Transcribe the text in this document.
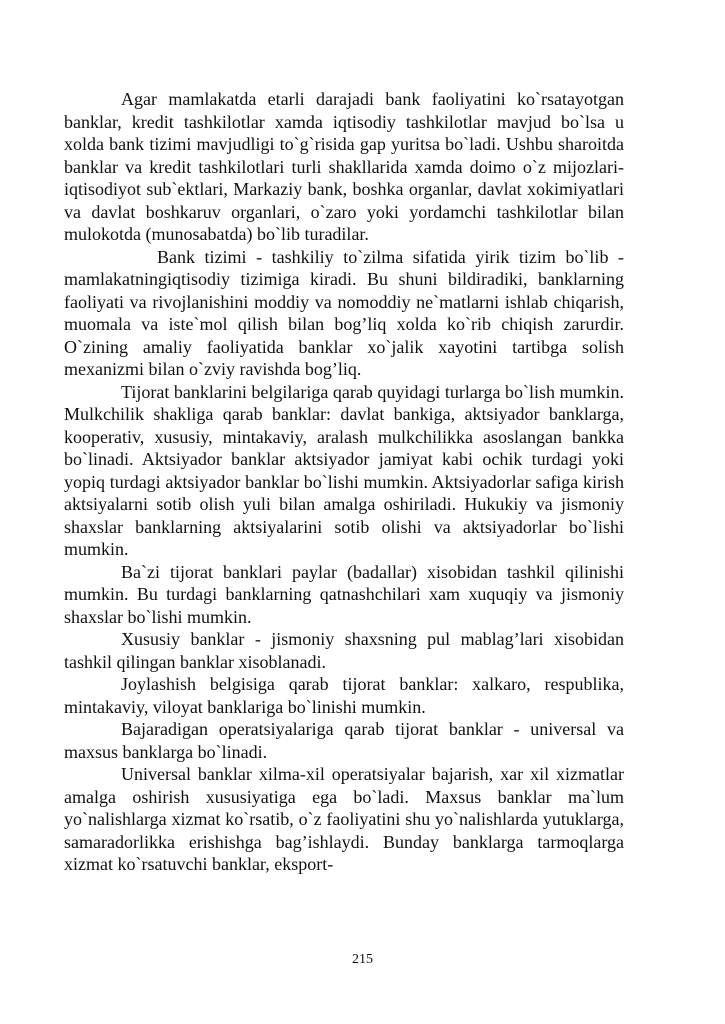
Agar mamlakatda etarli darajadi bank faoliyatini ko`rsatayotgan banklar, kredit tashkilotlar xamda iqtisodiy tashkilotlar mavjud bo`lsa u xolda bank tizimi mavjudligi to`g`risida gap yuritsa bo`ladi. Ushbu sharoitda banklar va kredit tashkilotlari turli shakllarida xamda doimo o`z mijozlari- iqtisodiyot sub`ektlari, Markaziy bank, boshka organlar, davlat xokimiyatlari va davlat boshkaruv organlari, o`zaro yoki yordamchi tashkilotlar bilan mulokotda (munosabatda) bo`lib turadilar.

Bank tizimi - tashkiliy to`zilma sifatida yirik tizim bo`lib - mamlakatningiqtisodiy tizimiga kiradi. Bu shuni bildiradiki, banklarning faoliyati va rivojlanishini moddiy va nomoddiy ne`matlarni ishlab chiqarish, muomala va iste`mol qilish bilan bog’liq xolda ko`rib chiqish zarurdir. O`zining amaliy faoliyatida banklar xo`jalik xayotini tartibga solish mexanizmi bilan o`zviy ravishda bog’liq.

Tijorat banklarini belgilariga qarab quyidagi turlarga bo`lish mumkin. Mulkchilik shakliga qarab banklar: davlat bankiga, aktsiyador banklarga, kooperativ, xususiy, mintakaviy, aralash mulkchilikka asoslangan bankka bo`linadi. Aktsiyador banklar aktsiyador jamiyat kabi ochik turdagi yoki yopiq turdagi aktsiyador banklar bo`lishi mumkin. Aktsiyadorlar safiga kirish aktsiyalarni sotib olish yuli bilan amalga oshiriladi. Hukukiy va jismoniy shaxslar banklarning aktsiyalarini sotib olishi va aktsiyadorlar bo`lishi mumkin.

Ba`zi tijorat banklari paylar (badallar) xisobidan tashkil qilinishi mumkin. Bu turdagi banklarning qatnashchilari xam xuquqiy va jismoniy shaxslar bo`lishi mumkin.

Xususiy banklar - jismoniy shaxsning pul mablag’lari xisobidan tashkil qilingan banklar xisoblanadi.

Joylashish belgisiga qarab tijorat banklar: xalkaro, respublika, mintakaviy, viloyat banklariga bo`linishi mumkin.

Bajaradigan operatsiyalariga qarab tijorat banklar - universal va maxsus banklarga bo`linadi.

Universal banklar xilma-xil operatsiyalar bajarish, xar xil xizmatlar amalga oshirish xususiyatiga ega bo`ladi. Maxsus banklar ma`lum yo`nalishlarga xizmat ko`rsatib, o`z faoliyatini shu yo`nalishlarda yutuklarga, samaradorlikka erishishga bag’ishlaydi. Bunday banklarga tarmoqlarga xizmat ko`rsatuvchi banklar, eksport-

215
